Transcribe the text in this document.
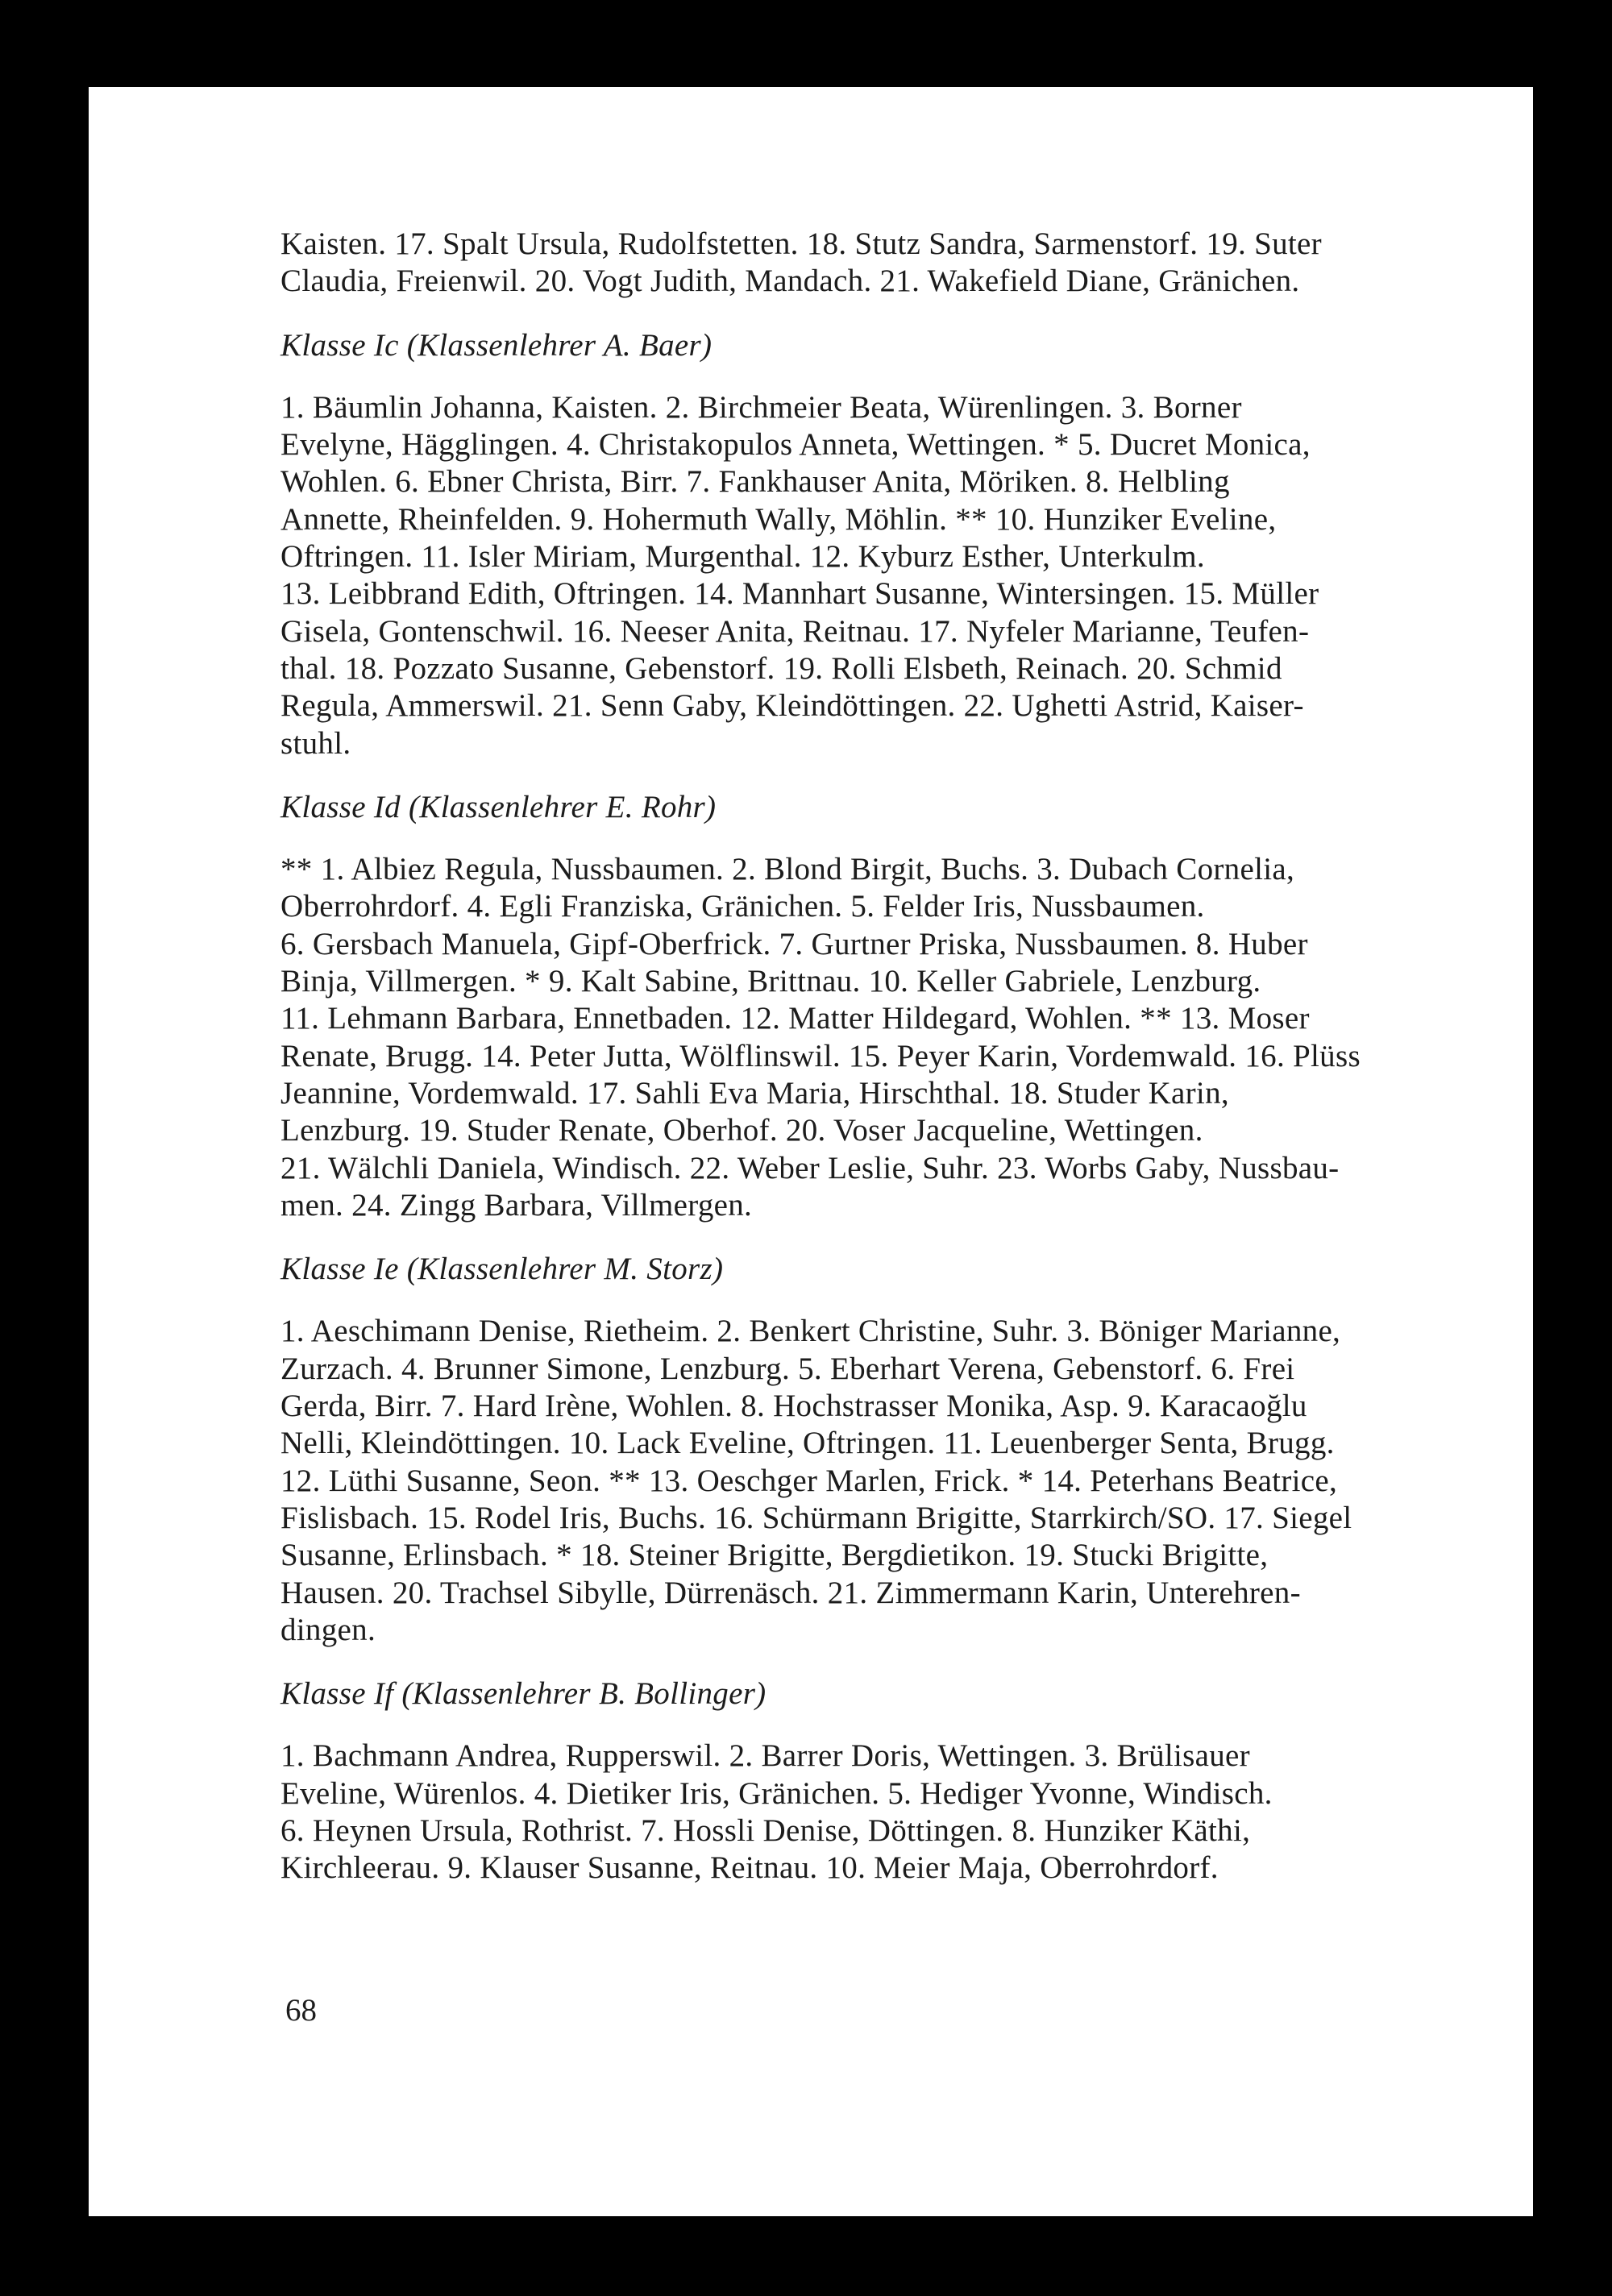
Kaisten. 17. Spalt Ursula, Rudolfstetten. 18. Stutz Sandra, Sarmenstorf. 19. Suter
Claudia, Freienwil. 20. Vogt Judith, Mandach. 21. Wakefield Diane, Gränichen.
Klasse Ic (Klassenlehrer A. Baer)
1. Bäumlin Johanna, Kaisten. 2. Birchmeier Beata, Würenlingen. 3. Borner
Evelyne, Hägglingen. 4. Christakopulos Anneta, Wettingen. * 5. Ducret Monica,
Wohlen. 6. Ebner Christa, Birr. 7. Fankhauser Anita, Möriken. 8. Helbling
Annette, Rheinfelden. 9. Hohermuth Wally, Möhlin. ** 10. Hunziker Eveline,
Oftringen. 11. Isler Miriam, Murgenthal. 12. Kyburz Esther, Unterkulm.
13. Leibbrand Edith, Oftringen. 14. Mannhart Susanne, Wintersingen. 15. Müller
Gisela, Gontenschwil. 16. Neeser Anita, Reitnau. 17. Nyfeler Marianne, Teufen-
thal. 18. Pozzato Susanne, Gebenstorf. 19. Rolli Elsbeth, Reinach. 20. Schmid
Regula, Ammerswil. 21. Senn Gaby, Kleindöttingen. 22. Ughetti Astrid, Kaiser-
stuhl.
Klasse Id (Klassenlehrer E. Rohr)
** 1. Albiez Regula, Nussbaumen. 2. Blond Birgit, Buchs. 3. Dubach Cornelia,
Oberrohrdorf. 4. Egli Franziska, Gränichen. 5. Felder Iris, Nussbaumen.
6. Gersbach Manuela, Gipf-Oberfrick. 7. Gurtner Priska, Nussbaumen. 8. Huber
Binja, Villmergen. * 9. Kalt Sabine, Brittnau. 10. Keller Gabriele, Lenzburg.
11. Lehmann Barbara, Ennetbaden. 12. Matter Hildegard, Wohlen. ** 13. Moser
Renate, Brugg. 14. Peter Jutta, Wölflinswil. 15. Peyer Karin, Vordemwald. 16. Plüss
Jeannine, Vordemwald. 17. Sahli Eva Maria, Hirschthal. 18. Studer Karin,
Lenzburg. 19. Studer Renate, Oberhof. 20. Voser Jacqueline, Wettingen.
21. Wälchli Daniela, Windisch. 22. Weber Leslie, Suhr. 23. Worbs Gaby, Nussbau-
men. 24. Zingg Barbara, Villmergen.
Klasse Ie (Klassenlehrer M. Storz)
1. Aeschimann Denise, Rietheim. 2. Benkert Christine, Suhr. 3. Böniger Marianne,
Zurzach. 4. Brunner Simone, Lenzburg. 5. Eberhart Verena, Gebenstorf. 6. Frei
Gerda, Birr. 7. Hard Irène, Wohlen. 8. Hochstrasser Monika, Asp. 9. Karacaoğlu
Nelli, Kleindöttingen. 10. Lack Eveline, Oftringen. 11. Leuenberger Senta, Brugg.
12. Lüthi Susanne, Seon. ** 13. Oeschger Marlen, Frick. * 14. Peterhans Beatrice,
Fislisbach. 15. Rodel Iris, Buchs. 16. Schürmann Brigitte, Starrkirch/SO. 17. Siegel
Susanne, Erlinsbach. * 18. Steiner Brigitte, Bergdietikon. 19. Stucki Brigitte,
Hausen. 20. Trachsel Sibylle, Dürrenäsch. 21. Zimmermann Karin, Unterehren-
dingen.
Klasse If (Klassenlehrer B. Bollinger)
1. Bachmann Andrea, Rupperswil. 2. Barrer Doris, Wettingen. 3. Brülisauer
Eveline, Würenlos. 4. Dietiker Iris, Gränichen. 5. Hediger Yvonne, Windisch.
6. Heynen Ursula, Rothrist. 7. Hossli Denise, Döttingen. 8. Hunziker Käthi,
Kirchleerau. 9. Klauser Susanne, Reitnau. 10. Meier Maja, Oberrohrdorf.
68
